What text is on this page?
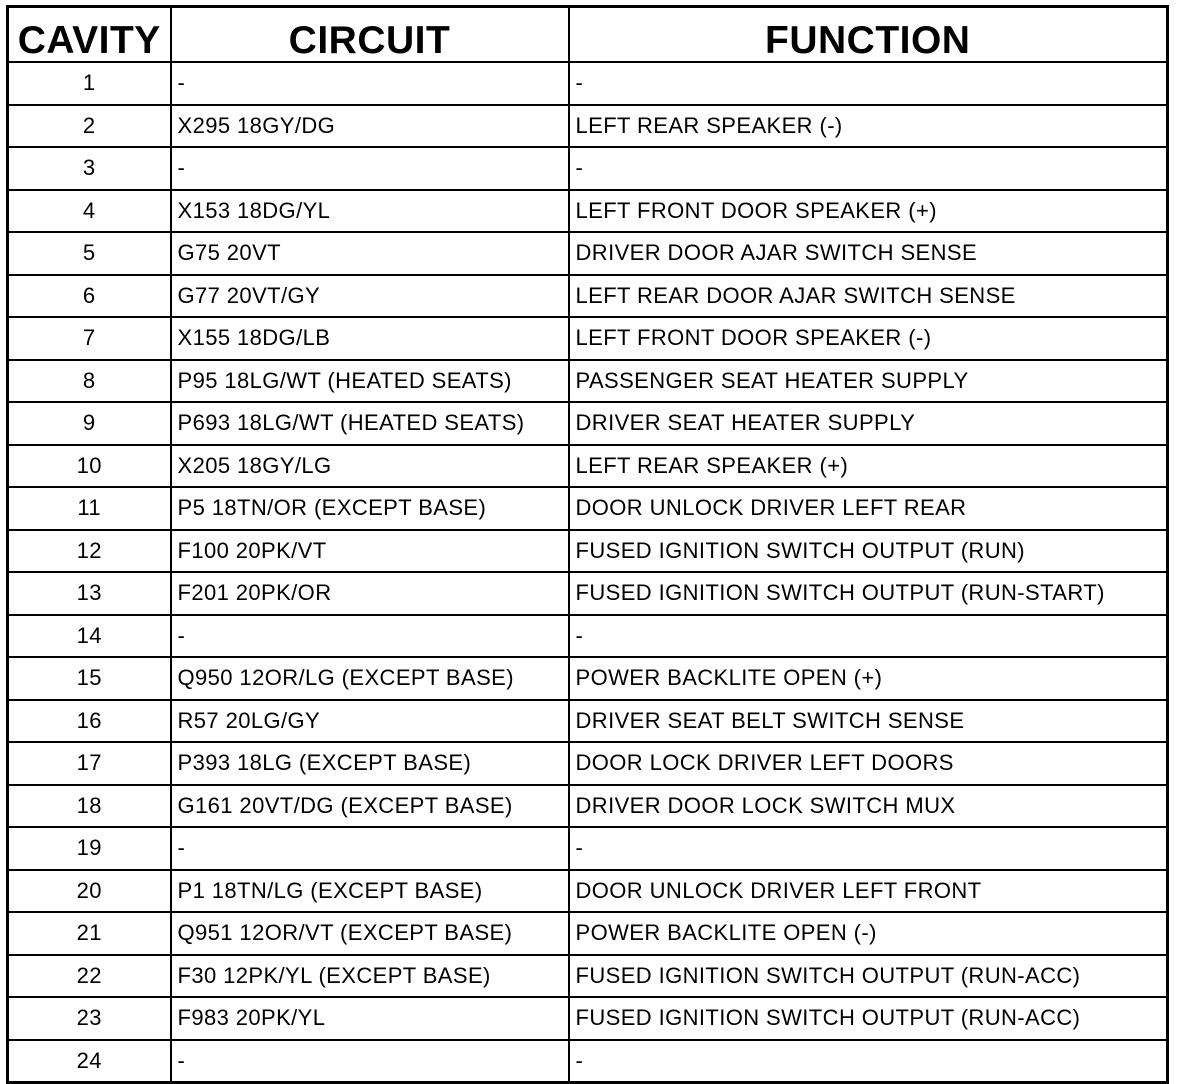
CAVITY	CIRCUIT	FUNCTION
1	-	-
2	X295 18GY/DG	LEFT REAR SPEAKER (-)
3	-	-
4	X153 18DG/YL	LEFT FRONT DOOR SPEAKER (+)
5	G75 20VT	DRIVER DOOR AJAR SWITCH SENSE
6	G77 20VT/GY	LEFT REAR DOOR AJAR SWITCH SENSE
7	X155 18DG/LB	LEFT FRONT DOOR SPEAKER (-)
8	P95 18LG/WT (HEATED SEATS)	PASSENGER SEAT HEATER SUPPLY
9	P693 18LG/WT (HEATED SEATS)	DRIVER SEAT HEATER SUPPLY
10	X205 18GY/LG	LEFT REAR SPEAKER (+)
11	P5 18TN/OR (EXCEPT BASE)	DOOR UNLOCK DRIVER LEFT REAR
12	F100 20PK/VT	FUSED IGNITION SWITCH OUTPUT (RUN)
13	F201 20PK/OR	FUSED IGNITION SWITCH OUTPUT (RUN-START)
14	-	-
15	Q950 12OR/LG (EXCEPT BASE)	POWER BACKLITE OPEN (+)
16	R57 20LG/GY	DRIVER SEAT BELT SWITCH SENSE
17	P393 18LG (EXCEPT BASE)	DOOR LOCK DRIVER LEFT DOORS
18	G161 20VT/DG (EXCEPT BASE)	DRIVER DOOR LOCK SWITCH MUX
19	-	-
20	P1 18TN/LG (EXCEPT BASE)	DOOR UNLOCK DRIVER LEFT FRONT
21	Q951 12OR/VT (EXCEPT BASE)	POWER BACKLITE OPEN (-)
22	F30 12PK/YL (EXCEPT BASE)	FUSED IGNITION SWITCH OUTPUT (RUN-ACC)
23	F983 20PK/YL	FUSED IGNITION SWITCH OUTPUT (RUN-ACC)
24	-	-
